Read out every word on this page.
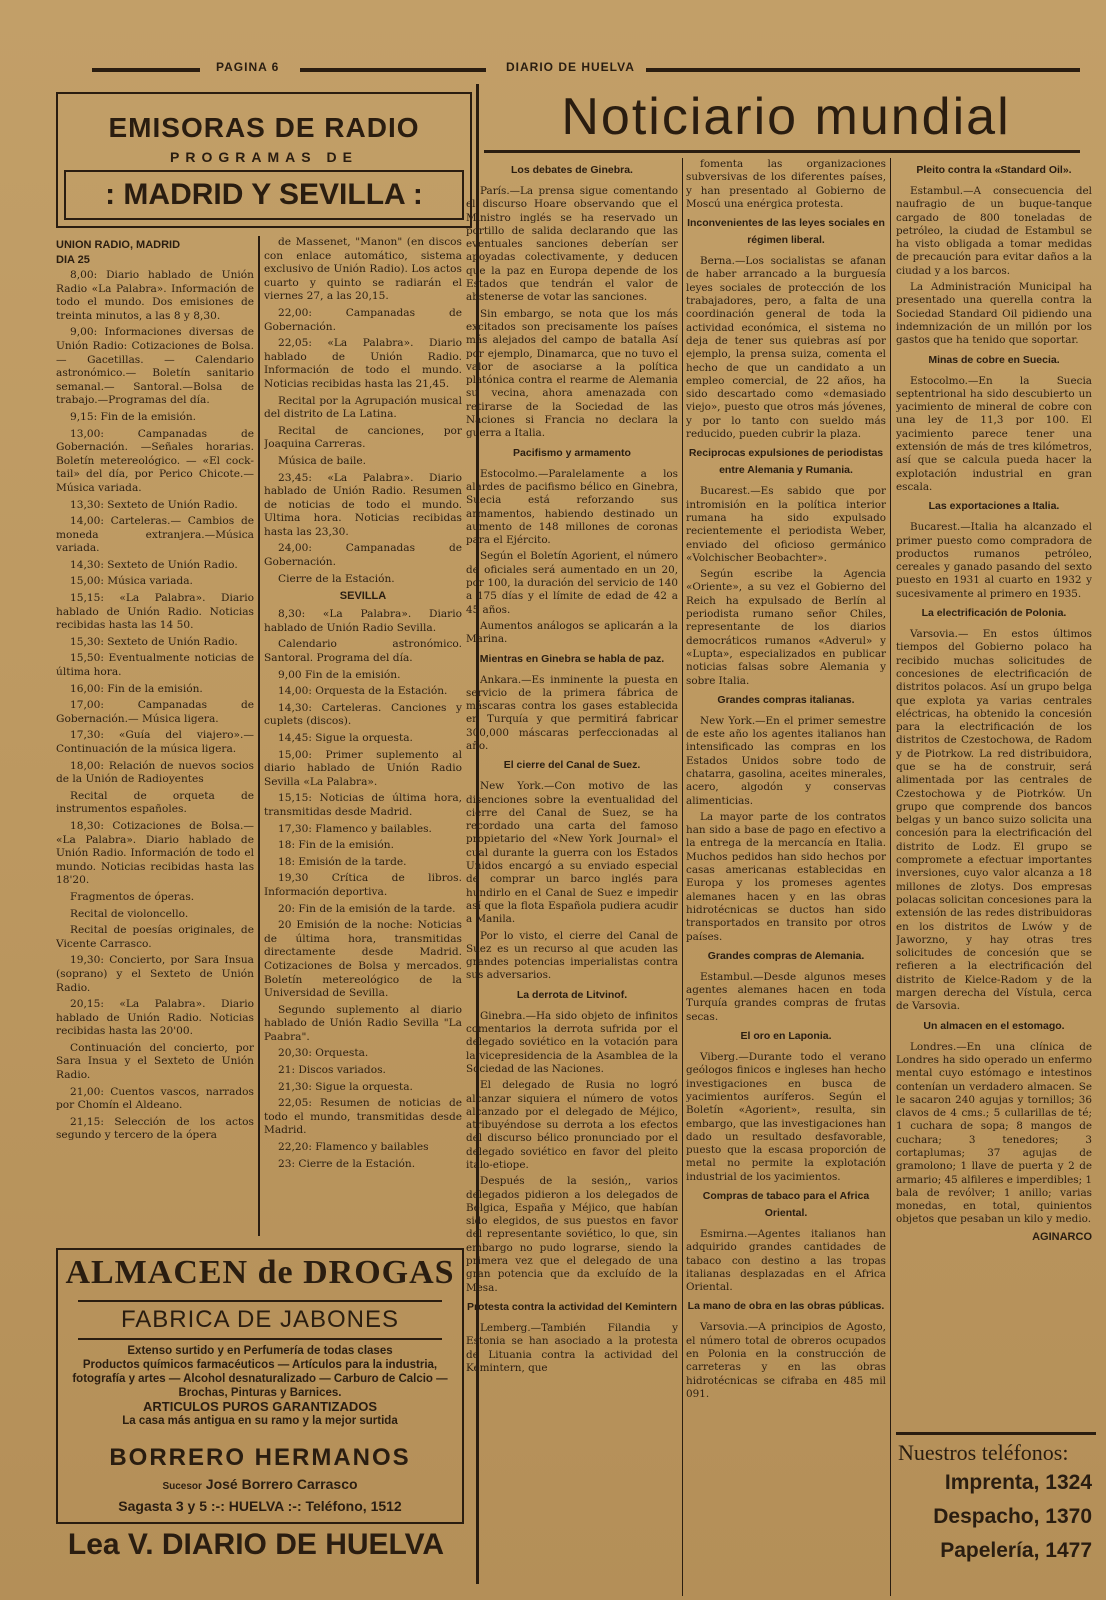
PAGINA 6	DIARIO DE HUELVA
EMISORAS DE RADIO
PROGRAMAS DE
: MADRID Y SEVILLA :
UNION RADIO, MADRID
DIA 25

8,00: Diario hablado de Unión Radio «La Palabra». Información de todo el mundo. Dos emisiones de treinta minutos, a las 8 y 8,30.

9,00: Informaciones diversas de Unión Radio: Cotizaciones de Bolsa.— Gacetillas. — Calendario astronómico.— Boletín sanitario semanal.— Santoral.—Bolsa de trabajo.—Programas del día.

9,15: Fin de la emisión.

13,00: Campanadas de Gobernación. —Señales horarias. Boletín metereológico. — «El cock-tail» del día, por Perico Chicote.— Música variada.

13,30: Sexteto de Unión Radio.

14,00: Carteleras.— Cambios de moneda extranjera.—Música variada.

14,30: Sexteto de Unión Radio.

15,00: Música variada.

15,15: «La Palabra». Diario hablado de Unión Radio. Noticias recibidas hasta las 14 50.

15,30: Sexteto de Unión Radio.

15,50: Eventualmente noticias de última hora.

16,00: Fin de la emisión.

17,00: Campanadas de Gobernación.— Música ligera.

17,30: «Guía del viajero».— Continuación de la música ligera.

18,00: Relación de nuevos socios de la Unión de Radioyentes

Recital de orqueta de instrumentos españoles.

18,30: Cotizaciones de Bolsa.— «La Palabra». Diario hablado de Unión Radio. Información de todo el mundo. Noticias recibidas hasta las 18'20.

Fragmentos de óperas.

Recital de violoncello.

Recital de poesías originales, de Vicente Carrasco.

19,30: Concierto, por Sara Insua (soprano) y el Sexteto de Unión Radio.

20,15: «La Palabra». Diario hablado de Unión Radio. Noticias recibidas hasta las 20'00.

Continuación del concierto, por Sara Insua y el Sexteto de Unión Radio.

21,00: Cuentos vascos, narrados por Chomín el Aldeano.

21,15: Selección de los actos segundo y tercero de la ópera

de Massenet, "Manon" (en discos con enlace automático, sistema exclusivo de Unión Radio). Los actos cuarto y quinto se radiarán el viernes 27, a las 20,15.

22,00: Campanadas de Gobernación.

22,05: «La Palabra». Diario hablado de Unión Radio. Información de todo el mundo. Noticias recibidas hasta las 21,45.

Recital por la Agrupación musical del distrito de La Latina.

Recital de canciones, por Joaquina Carreras.

Música de baile.

23,45: «La Palabra». Diario hablado de Unión Radio. Resumen de noticias de todo el mundo. Ultima hora. Noticias recibidas hasta las 23,30.

24,00: Campanadas de Gobernación.

Cierre de la Estación.

SEVILLA

8,30: «La Palabra». Diario hablado de Unión Radio Sevilla.

Calendario astronómico. Santoral. Programa del día.

9,00 Fin de la emisión.

14,00: Orquesta de la Estación.

14,30: Carteleras. Canciones y cuplets (discos).

14,45: Sigue la orquesta.

15,00: Primer suplemento al diario hablado de Unión Radio Sevilla «La Palabra».

15,15: Noticias de última hora, transmitidas desde Madrid.

17,30: Flamenco y bailables.

18: Fin de la emisión.

18: Emisión de la tarde.

19,30 Crítica de libros. Información deportiva.

20: Fin de la emisión de la tarde.

20 Emisión de la noche: Noticias de última hora, transmitidas directamente desde Madrid. Cotizaciones de Bolsa y mercados. Boletín metereológico de la Universidad de Sevilla.

Segundo suplemento al diario hablado de Unión Radio Sevilla "La Paabra".

20,30: Orquesta.

21: Discos variados.

21,30: Sigue la orquesta.

22,05: Resumen de noticias de todo el mundo, transmitidas desde Madrid.

22,20: Flamenco y bailables

23: Cierre de la Estación.

ALMACEN de DROGAS
FABRICA DE JABONES
Extenso surtido y en Perfumería de todas clases
Productos químicos farmacéuticos — Artículos para la industria, fotografía y artes — Alcohol desnaturalizado — Carburo de Calcio — Brochas, Pinturas y Barnices.
ARTICULOS PUROS GARANTIZADOS
La casa más antigua en su ramo y la mejor surtida
BORRERO HERMANOS
Sucesor José Borrero Carrasco
Sagasta 3 y 5 :-: HUELVA :-: Teléfono, 1512
Lea V. DIARIO DE HUELVA
Noticiario mundial
Los debates de Ginebra.

París.—La prensa sigue comentando el discurso Hoare observando que el Ministro inglés se ha reservado un portillo de salida declarando que las eventuales sanciones deberían ser apoyadas colectivamente, y deducen que la paz en Europa depende de los Estados que tendrán el valor de abstenerse de votar las sanciones.

Sin embargo, se nota que los más excitados son precisamente los países más alejados del campo de batalla Así por ejemplo, Dinamarca, que no tuvo el valor de asociarse a la política platónica contra el rearme de Alemania su vecina, ahora amenazada con retirarse de la Sociedad de las Naciones si Francia no declara la guerra a Italia.

Pacifismo y armamento

Estocolmo.—Paralelamente a los alardes de pacifismo bélico en Ginebra, Suecia está reforzando sus armamentos, habiendo destinado un aumento de 148 millones de coronas para el Ejército.

Según el Boletín Agorient, el número de oficiales será aumentado en un 20, por 100, la duración del servicio de 140 a 175 días y el límite de edad de 42 a 45 años.

Aumentos análogos se aplicarán a la Marina.

Mientras en Ginebra se habla de paz.

Ankara.—Es inminente la puesta en servicio de la primera fábrica de máscaras contra los gases establecida en Turquía y que permitirá fabricar 300,000 máscaras perfeccionadas al año.

El cierre del Canal de Suez.

New York.—Con motivo de las disenciones sobre la eventualidad del cierre del Canal de Suez, se ha recordado una carta del famoso propietario del «New York Journal» el cual durante la guerra con los Estados Unidos encargó a su enviado especial de comprar un barco inglés para hundirlo en el Canal de Suez e impedir así que la flota Española pudiera acudir a Manila.

Por lo visto, el cierre del Canal de Suez es un recurso al que acuden las grandes potencias imperialistas contra sus adversarios.

La derrota de Litvinof.

Ginebra.—Ha sido objeto de infinitos comentarios la derrota sufrida por el delegado soviético en la votación para la vicepresidencia de la Asamblea de la Sociedad de las Naciones.

El delegado de Rusia no logró alcanzar siquiera el número de votos alcanzado por el delegado de Méjico, atribuyéndose su derrota a los efectos del discurso bélico pronunciado por el delegado soviético en favor del pleito italo-etiope.

Después de la sesión,, varios delegados pidieron a los delegados de Bélgica, España y Méjico, que habían sido elegidos, de sus puestos en favor del representante soviético, lo que, sin embargo no pudo lograrse, siendo la primera vez que el delegado de una gran potencia que da excluído de la Mesa.

Protesta contra la actividad del Kemintern

Lemberg.—También Filandia y Estonia se han asociado a la protesta de Lituania contra la actividad del Kemintern, que

fomenta las organizaciones subversivas de los diferentes países, y han presentado al Gobierno de Moscú una enérgica protesta.

Inconvenientes de las leyes sociales en régimen liberal.

Berna.—Los socialistas se afanan de haber arrancado a la burguesía leyes sociales de protección de los trabajadores, pero, a falta de una coordinación general de toda la actividad económica, el sistema no deja de tener sus quiebras así por ejemplo, la prensa suiza, comenta el hecho de que un candidato a un empleo comercial, de 22 años, ha sido descartado como «demasiado viejo», puesto que otros más jóvenes, y por lo tanto con sueldo más reducido, pueden cubrir la plaza.

Reciprocas expulsiones de periodistas entre Alemania y Rumania.

Bucarest.—Es sabido que por intromisión en la política interior rumana ha sido expulsado recientemente el periodista Weber, enviado del oficioso germánico «Volchischer Beobachter».

Según escribe la Agencia «Oriente», a su vez el Gobierno del Reich ha expulsado de Berlín al periodista rumano señor Chiles, representante de los diarios democráticos rumanos «Adverul» y «Lupta», especializados en publicar noticias falsas sobre Alemania y sobre Italia.

Grandes compras italianas.

New York.—En el primer semestre de este año los agentes italianos han intensificado las compras en los Estados Unidos sobre todo de chatarra, gasolina, aceites minerales, acero, algodón y conservas alimenticias.

La mayor parte de los contratos han sido a base de pago en efectivo a la entrega de la mercancía en Italia. Muchos pedidos han sido hechos por casas americanas establecidas en Europa y los promeses agentes alemanes hacen y en las obras hidrotécnicas se ductos han sido transportados en transito por otros países.

Grandes compras de Alemania.

Estambul.—Desde algunos meses agentes alemanes hacen en toda Turquía grandes compras de frutas secas.

El oro en Laponia.

Viberg.—Durante todo el verano geólogos finicos e ingleses han hecho investigaciones en busca de yacimientos auríferos. Según el Boletín «Agorient», resulta, sin embargo, que las investigaciones han dado un resultado desfavorable, puesto que la escasa proporción de metal no permite la explotación industrial de los yacimientos.

Compras de tabaco para el Africa Oriental.

Esmirna.—Agentes italianos han adquirido grandes cantidades de tabaco con destino a las tropas italianas desplazadas en el Africa Oriental.

La mano de obra en las obras públicas.

Varsovia.—A principios de Agosto, el número total de obreros ocupados en Polonia en la construcción de carreteras y en las obras hidrotécnicas se cifraba en 485 mil 091.

Pleito contra la «Standard Oil».

Estambul.—A consecuencia del naufragio de un buque-tanque cargado de 800 toneladas de petróleo, la ciudad de Estambul se ha visto obligada a tomar medidas de precaución para evitar daños a la ciudad y a los barcos.

La Administración Municipal ha presentado una querella contra la Sociedad Standard Oil pidiendo una indemnización de un millón por los gastos que ha tenido que soportar.

Minas de cobre en Suecia.

Estocolmo.—En la Suecia septentrional ha sido descubierto un yacimiento de mineral de cobre con una ley de 11,3 por 100. El yacimiento parece tener una extensión de más de tres kilómetros, así que se calcula pueda hacer la explotación industrial en gran escala.

Las exportaciones a Italia.

Bucarest.—Italia ha alcanzado el primer puesto como compradora de productos rumanos petróleo, cereales y ganado pasando del sexto puesto en 1931 al cuarto en 1932 y sucesivamente al primero en 1935.

La electrificación de Polonia.

Varsovia.— En estos últimos tiempos del Gobierno polaco ha recibido muchas solicitudes de concesiones de electrificación de distritos polacos. Así un grupo belga que explota ya varias centrales eléctricas, ha obtenido la concesión para la electrificación de los distritos de Czestochowa, de Radom y de Piotrkow. La red distribuidora, que se ha de construir, será alimentada por las centrales de Czestochowa y de Piotrków. Un grupo que comprende dos bancos belgas y un banco suizo solicita una concesión para la electrificación del distrito de Lodz. El grupo se compromete a efectuar importantes inversiones, cuyo valor alcanza a 18 millones de zlotys. Dos empresas polacas solicitan concesiones para la extensión de las redes distribuidoras en los distritos de Lwów y de Jaworzno, y hay otras tres solicitudes de concesión que se refieren a la electrificación del distrito de Kielce-Radom y de la margen derecha del Vístula, cerca de Varsovia.

Un almacen en el estomago.

Londres.—En una clínica de Londres ha sido operado un enfermo mental cuyo estómago e intestinos contenían un verdadero almacen. Se le sacaron 240 agujas y tornillos; 36 clavos de 4 cms.; 5 cullarillas de té; 1 cuchara de sopa; 8 mangos de cuchara; 3 tenedores; 3 cortaplumas; 37 agujas de gramolono; 1 llave de puerta y 2 de armario; 45 alfileres e imperdibles; 1 bala de revólver; 1 anillo; varias monedas, en total, quinientos objetos que pesaban un kilo y medio.

AGINARCO
Nuestros teléfonos:
Imprenta, 1324
Despacho, 1370
Papelería, 1477
